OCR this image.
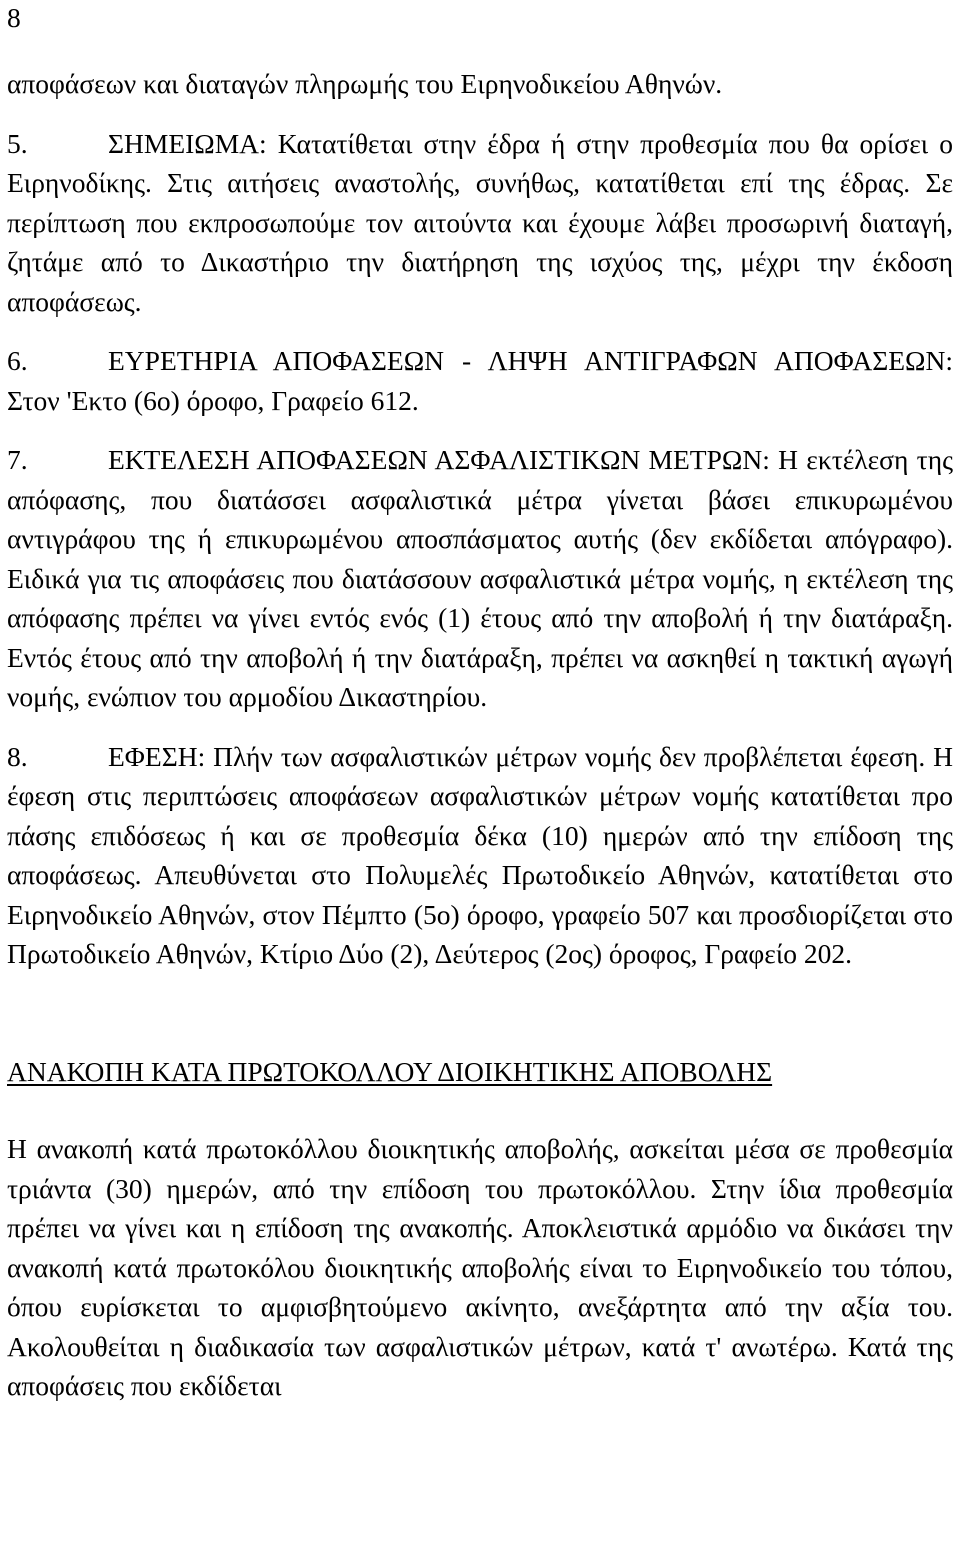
8

αποφάσεων και διαταγών πληρωμής του Ειρηνοδικείου Αθηνών.

5.	ΣΗΜΕΙΩΜΑ: Κατατίθεται στην έδρα ή στην προθεσμία που θα ορίσει ο Ειρηνοδίκης. Στις αιτήσεις αναστολής, συνήθως, κατατίθεται επί της έδρας. Σε περίπτωση που εκπροσωπούμε τον αιτούντα και έχουμε λάβει προσωρινή διαταγή, ζητάμε από το Δικαστήριο την διατήρηση της ισχύος της, μέχρι την έκδοση αποφάσεως.

6.	ΕΥΡΕΤΗΡΙΑ ΑΠΟΦΑΣΕΩΝ - ΛΗΨΗ ΑΝΤΙΓΡΑΦΩΝ ΑΠΟΦΑΣΕΩΝ: Στον 'Εκτο (6ο) όροφο, Γραφείο 612.

7.	ΕΚΤΕΛΕΣΗ ΑΠΟΦΑΣΕΩΝ ΑΣΦΑΛΙΣΤΙΚΩΝ ΜΕΤΡΩΝ: Η εκτέλεση της απόφασης, που διατάσσει ασφαλιστικά μέτρα γίνεται βάσει επικυρωμένου αντιγράφου της ή επικυρωμένου αποσπάσματος αυτής (δεν εκδίδεται απόγραφο). Ειδικά για τις αποφάσεις που διατάσσουν ασφαλιστικά μέτρα νομής, η εκτέλεση της απόφασης πρέπει να γίνει εντός ενός (1) έτους από την αποβολή ή την διατάραξη. Εντός έτους από την αποβολή ή την διατάραξη, πρέπει να ασκηθεί η τακτική αγωγή νομής, ενώπιον του αρμοδίου Δικαστηρίου.

8.	ΕΦΕΣΗ: Πλήν των ασφαλιστικών μέτρων νομής δεν προβλέπεται έφεση. Η έφεση στις περιπτώσεις αποφάσεων ασφαλιστικών μέτρων νομής κατατίθεται προ πάσης επιδόσεως ή και σε προθεσμία δέκα (10) ημερών από την επίδοση της αποφάσεως. Απευθύνεται στο Πολυμελές Πρωτοδικείο Αθηνών, κατατίθεται στο Ειρηνοδικείο Αθηνών, στον Πέμπτο (5ο) όροφο, γραφείο 507 και προσδιορίζεται στο Πρωτοδικείο Αθηνών, Κτίριο Δύο (2), Δεύτερος (2ος) όροφος, Γραφείο 202.

ΑΝΑΚΟΠΗ ΚΑΤΑ ΠΡΩΤΟΚΟΛΛΟΥ ΔΙΟΙΚΗΤΙΚΗΣ ΑΠΟΒΟΛΗΣ

Η ανακοπή κατά πρωτοκόλλου διοικητικής αποβολής, ασκείται μέσα σε προθεσμία τριάντα (30) ημερών, από την επίδοση του πρωτοκόλλου. Στην ίδια προθεσμία πρέπει να γίνει και η επίδοση της ανακοπής. Αποκλειστικά αρμόδιο να δικάσει την ανακοπή κατά πρωτοκόλου διοικητικής αποβολής είναι το Ειρηνοδικείο του τόπου, όπου ευρίσκεται το αμφισβητούμενο ακίνητο, ανεξάρτητα από την αξία του. Ακολουθείται η διαδικασία των ασφαλιστικών μέτρων, κατά τ' ανωτέρω. Κατά της αποφάσεις που εκδίδεται
